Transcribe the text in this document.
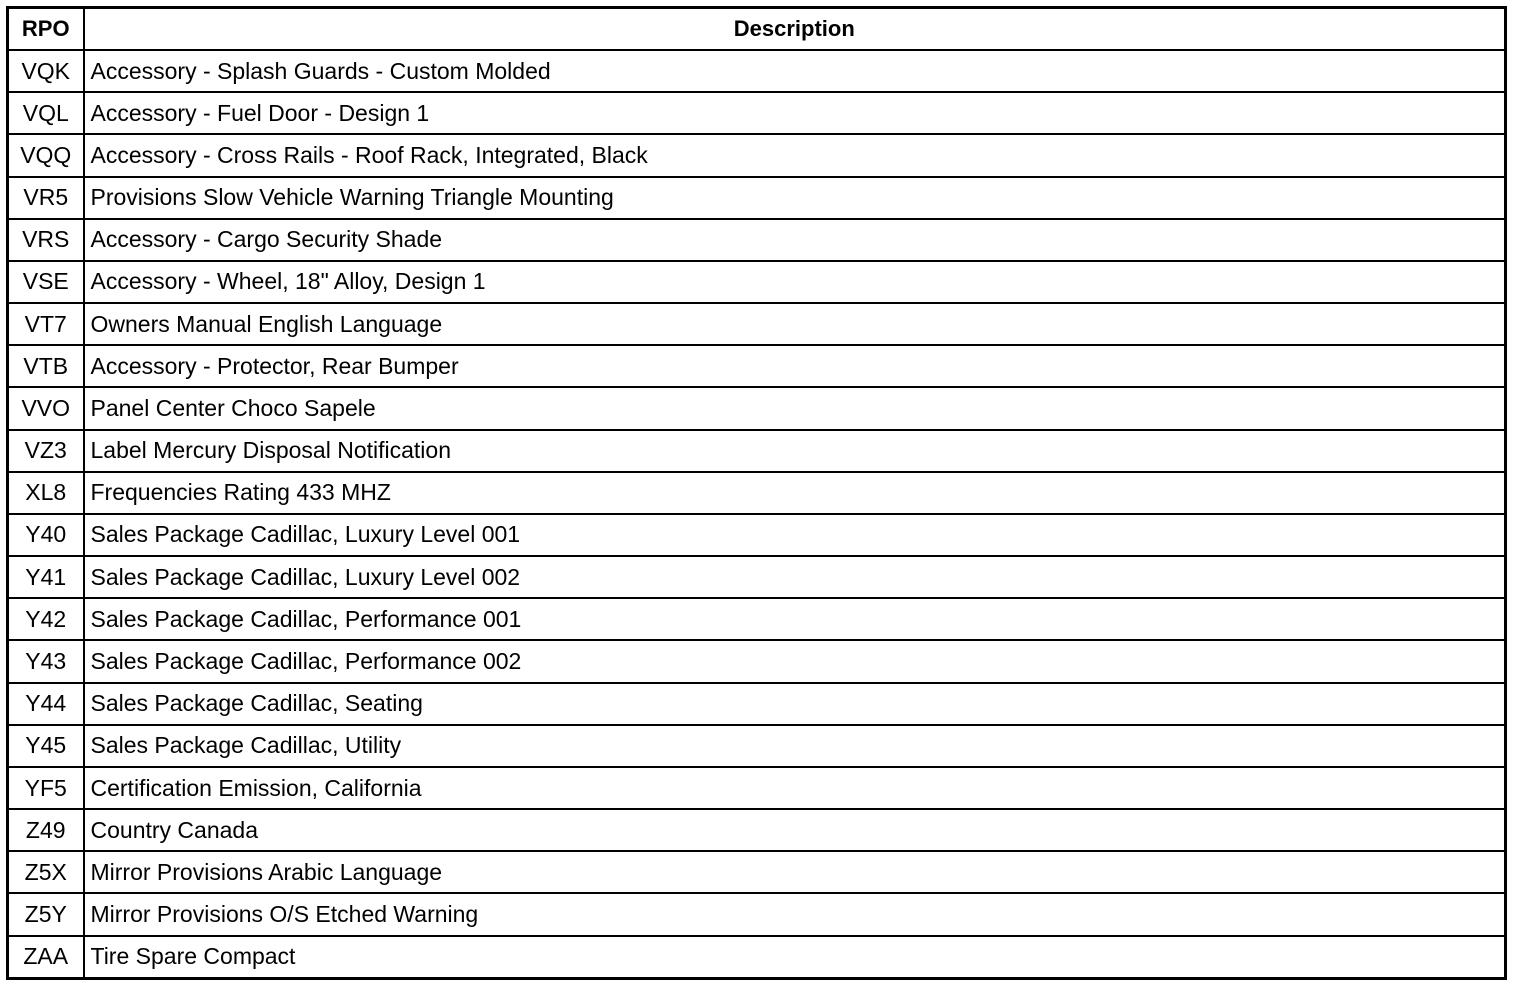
RPO	Description
VQK	Accessory - Splash Guards - Custom Molded
VQL	Accessory - Fuel Door - Design 1
VQQ	Accessory - Cross Rails - Roof Rack, Integrated, Black
VR5	Provisions Slow Vehicle Warning Triangle Mounting
VRS	Accessory - Cargo Security Shade
VSE	Accessory - Wheel, 18" Alloy, Design 1
VT7	Owners Manual English Language
VTB	Accessory - Protector, Rear Bumper
VVO	Panel Center Choco Sapele
VZ3	Label Mercury Disposal Notification
XL8	Frequencies Rating 433 MHZ
Y40	Sales Package Cadillac, Luxury Level 001
Y41	Sales Package Cadillac, Luxury Level 002
Y42	Sales Package Cadillac, Performance 001
Y43	Sales Package Cadillac, Performance 002
Y44	Sales Package Cadillac, Seating
Y45	Sales Package Cadillac, Utility
YF5	Certification Emission, California
Z49	Country Canada
Z5X	Mirror Provisions Arabic Language
Z5Y	Mirror Provisions O/S Etched Warning
ZAA	Tire Spare Compact
